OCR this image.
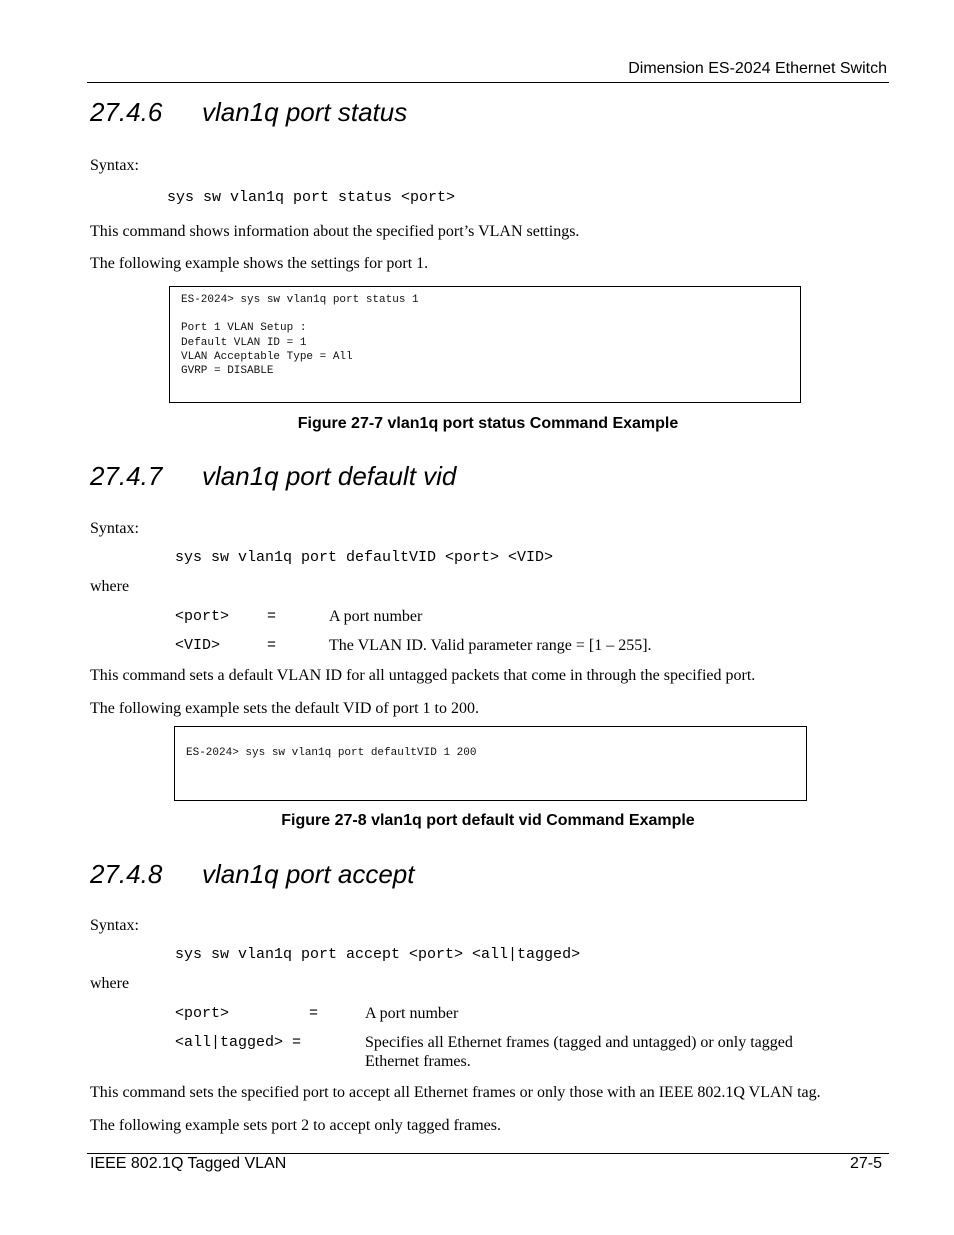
Dimension ES-2024 Ethernet Switch
27.4.6 vlan1q port status
Syntax:
sys sw vlan1q port status <port>
This command shows information about the specified port’s VLAN settings.
The following example shows the settings for port 1.
ES-2024> sys sw vlan1q port status 1
Port 1 VLAN Setup :
Default VLAN ID = 1
VLAN Acceptable Type = All
GVRP = DISABLE
Figure 27-7 vlan1q port status Command Example
27.4.7 vlan1q port default vid
Syntax:
sys sw vlan1q port defaultVID <port> <VID>
where
<port>	=	A port number
<VID>	=	The VLAN ID. Valid parameter range = [1 – 255].
This command sets a default VLAN ID for all untagged packets that come in through the specified port.
The following example sets the default VID of port 1 to 200.
ES-2024> sys sw vlan1q port defaultVID 1 200
Figure 27-8 vlan1q port default vid Command Example
27.4.8 vlan1q port accept
Syntax:
sys sw vlan1q port accept <port> <all|tagged>
where
<port>	=	A port number
<all|tagged> =	Specifies all Ethernet frames (tagged and untagged) or only tagged Ethernet frames.
This command sets the specified port to accept all Ethernet frames or only those with an IEEE 802.1Q VLAN tag.
The following example sets port 2 to accept only tagged frames.
IEEE 802.1Q Tagged VLAN	27-5
